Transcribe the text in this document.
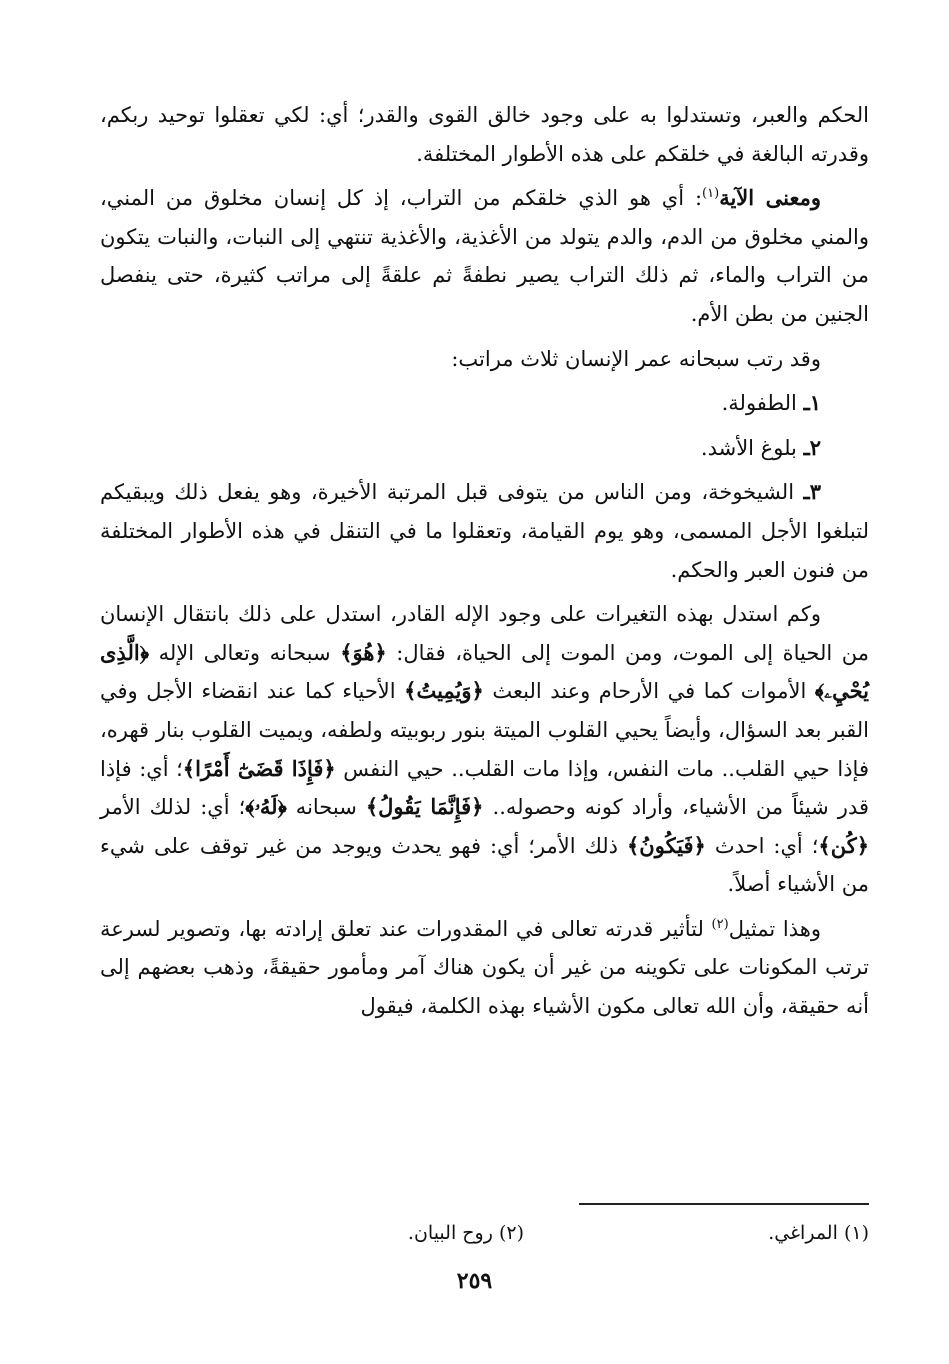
الحكم والعبر، وتستدلوا به على وجود خالق القوى والقدر؛ أي: لكي تعقلوا توحيد ربكم، وقدرته البالغة في خلقكم على هذه الأطوار المختلفة.

ومعنى الآية$^{(١)}$: أي هو الذي خلقكم من التراب، إذ كل إنسان مخلوق من المني، والمني مخلوق من الدم، والدم يتولد من الأغذية، والأغذية تنتهي إلى النبات، والنبات يتكون من التراب والماء، ثم ذلك التراب يصير نطفةً ثم علقةً إلى مراتب كثيرة، حتى ينفصل الجنين من بطن الأم.

وقد رتب سبحانه عمر الإنسان ثلاث مراتب:

١ـ الطفولة.

٢ـ بلوغ الأشد.

٣ـ الشيخوخة، ومن الناس من يتوفى قبل المرتبة الأخيرة، وهو يفعل ذلك ويبقيكم لتبلغوا الأجل المسمى، وهو يوم القيامة، وتعقلوا ما في التنقل في هذه الأطوار المختلفة من فنون العبر والحكم.

وكم استدل بهذه التغيرات على وجود الإله القادر، استدل على ذلك بانتقال الإنسان من الحياة إلى الموت، ومن الموت إلى الحياة، فقال: ﴿هُوَ﴾ سبحانه وتعالى الإله ﴿الَّذِى يُحْيِۦ﴾ الأموات كما في الأرحام وعند البعث ﴿وَيُمِيتُ﴾ الأحياء كما عند انقضاء الأجل وفي القبر بعد السؤال، وأيضاً يحيي القلوب الميتة بنور ربوبيته ولطفه، ويميت القلوب بنار قهره، فإذا حيي القلب.. مات النفس، وإذا مات القلب.. حيي النفس ﴿فَإِذَا قَضَىٰٓ أَمْرًا﴾؛ أي: فإذا قدر شيئاً من الأشياء، وأراد كونه وحصوله.. ﴿فَإِنَّمَا يَقُولُ﴾ سبحانه ﴿لَهُۥ﴾؛ أي: لذلك الأمر ﴿كُن﴾؛ أي: احدث ﴿فَيَكُونُ﴾ ذلك الأمر؛ أي: فهو يحدث ويوجد من غير توقف على شيء من الأشياء أصلاً.

وهذا تمثيل$^{(٢)}$ لتأثير قدرته تعالى في المقدورات عند تعلق إرادته بها، وتصوير لسرعة ترتب المكونات على تكوينه من غير أن يكون هناك آمر ومأمور حقيقةً، وذهب بعضهم إلى أنه حقيقة، وأن الله تعالى مكون الأشياء بهذه الكلمة، فيقول

(١) المراغي.
(٢) روح البيان.
٢٥٩
